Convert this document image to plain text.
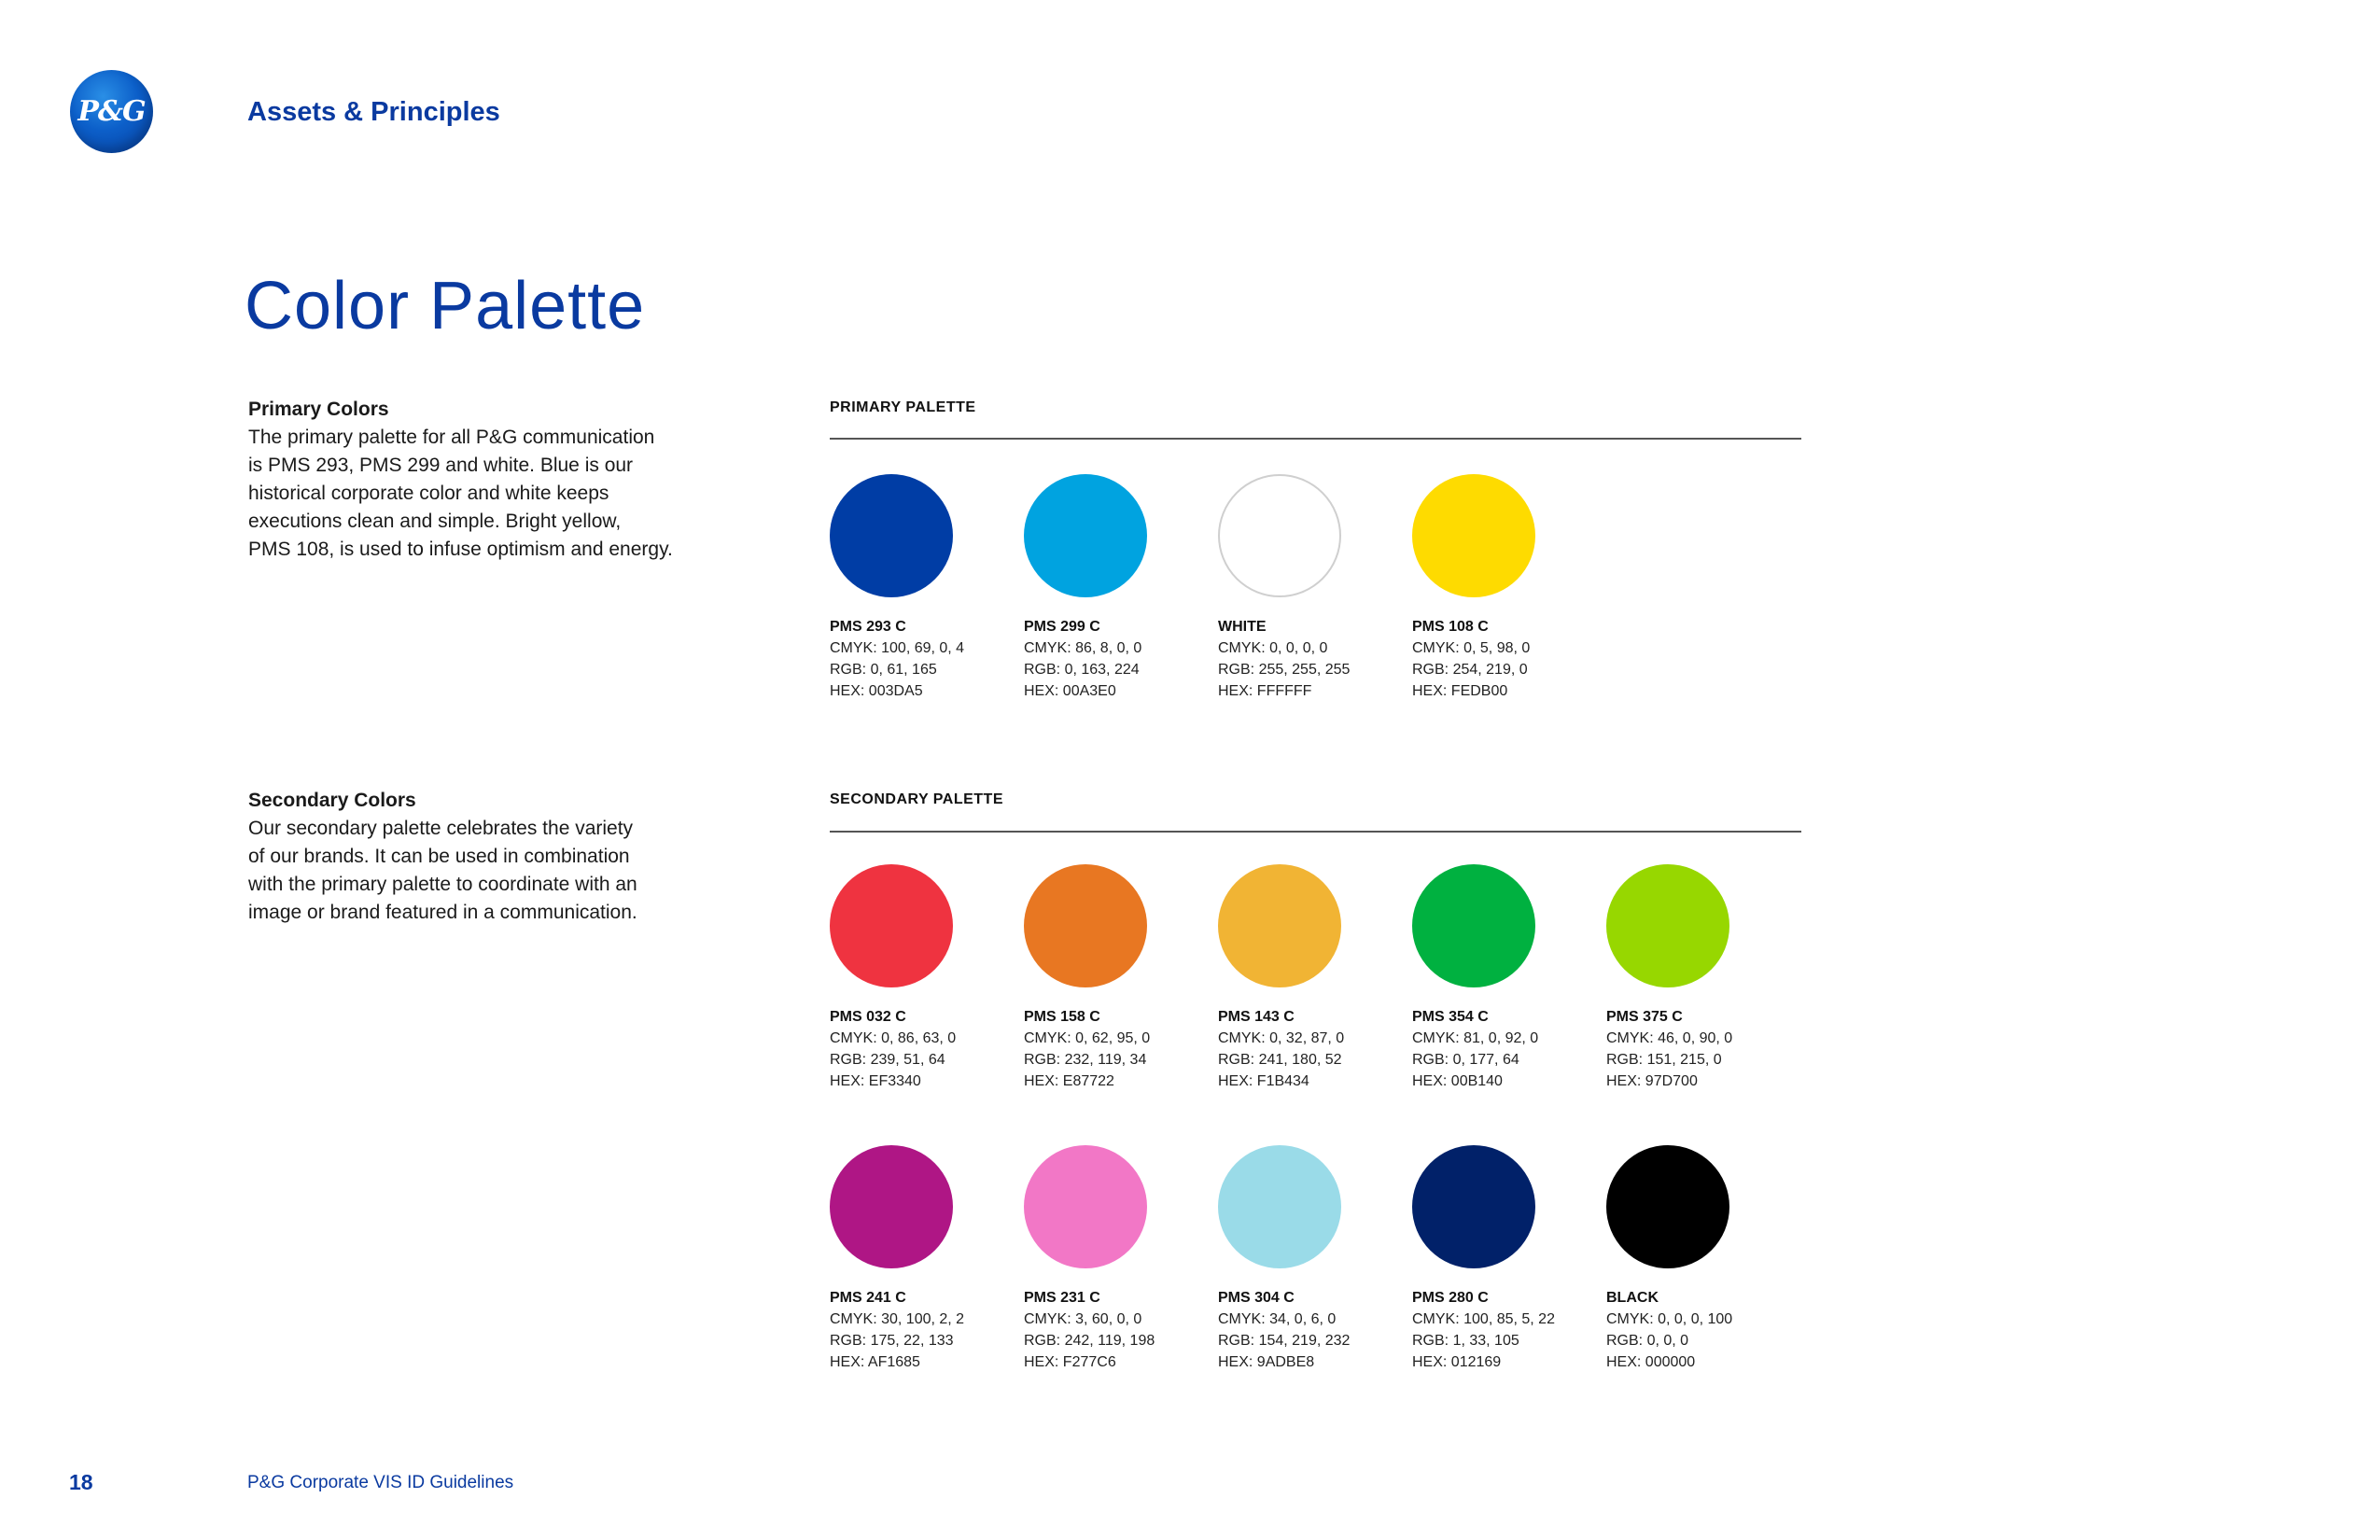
P&G	Assets & Principles
Color Palette
Primary Colors

The primary palette for all P&G communication

is PMS 293, PMS 299 and white. Blue is our

historical corporate color and white keeps

executions clean and simple. Bright yellow,

PMS 108, is used to infuse optimism and energy.

Secondary Colors

Our secondary palette celebrates the variety

of our brands. It can be used in combination

with the primary palette to coordinate with an

image or brand featured in a communication.

PRIMARY PALETTE
PMS 293 C
CMYK: 100, 69, 0, 4
RGB: 0, 61, 165
HEX: 003DA5
PMS 299 C
CMYK: 86, 8, 0, 0
RGB: 0, 163, 224
HEX: 00A3E0
WHITE
CMYK: 0, 0, 0, 0
RGB: 255, 255, 255
HEX: FFFFFF
PMS 108 C
CMYK: 0, 5, 98, 0
RGB: 254, 219, 0
HEX: FEDB00
SECONDARY PALETTE
PMS 032 C
CMYK: 0, 86, 63, 0
RGB: 239, 51, 64
HEX: EF3340
PMS 158 C
CMYK: 0, 62, 95, 0
RGB: 232, 119, 34
HEX: E87722
PMS 143 C
CMYK: 0, 32, 87, 0
RGB: 241, 180, 52
HEX: F1B434
PMS 354 C
CMYK: 81, 0, 92, 0
RGB: 0, 177, 64
HEX: 00B140
PMS 375 C
CMYK: 46, 0, 90, 0
RGB: 151, 215, 0
HEX: 97D700
PMS 241 C
CMYK: 30, 100, 2, 2
RGB: 175, 22, 133
HEX: AF1685
PMS 231 C
CMYK: 3, 60, 0, 0
RGB: 242, 119, 198
HEX: F277C6
PMS 304 C
CMYK: 34, 0, 6, 0
RGB: 154, 219, 232
HEX: 9ADBE8
PMS 280 C
CMYK: 100, 85, 5, 22
RGB: 1, 33, 105
HEX: 012169
BLACK
CMYK: 0, 0, 0, 100
RGB: 0, 0, 0
HEX: 000000

18	P&G Corporate VIS ID Guidelines
